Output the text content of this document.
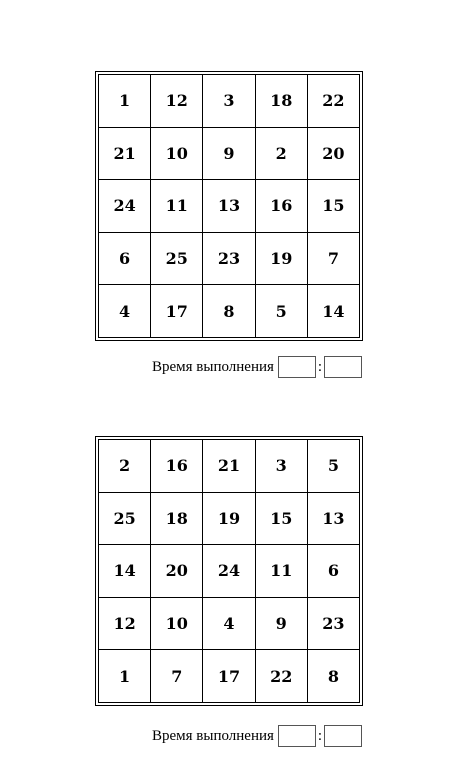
1	12	3	18	22
21	10	9	2	20
24	11	13	16	15
6	25	23	19	7
4	17	8	5	14
Время выполнения	:
2	16	21	3	5
25	18	19	15	13
14	20	24	11	6
12	10	4	9	23
1	7	17	22	8
Время выполнения	:
